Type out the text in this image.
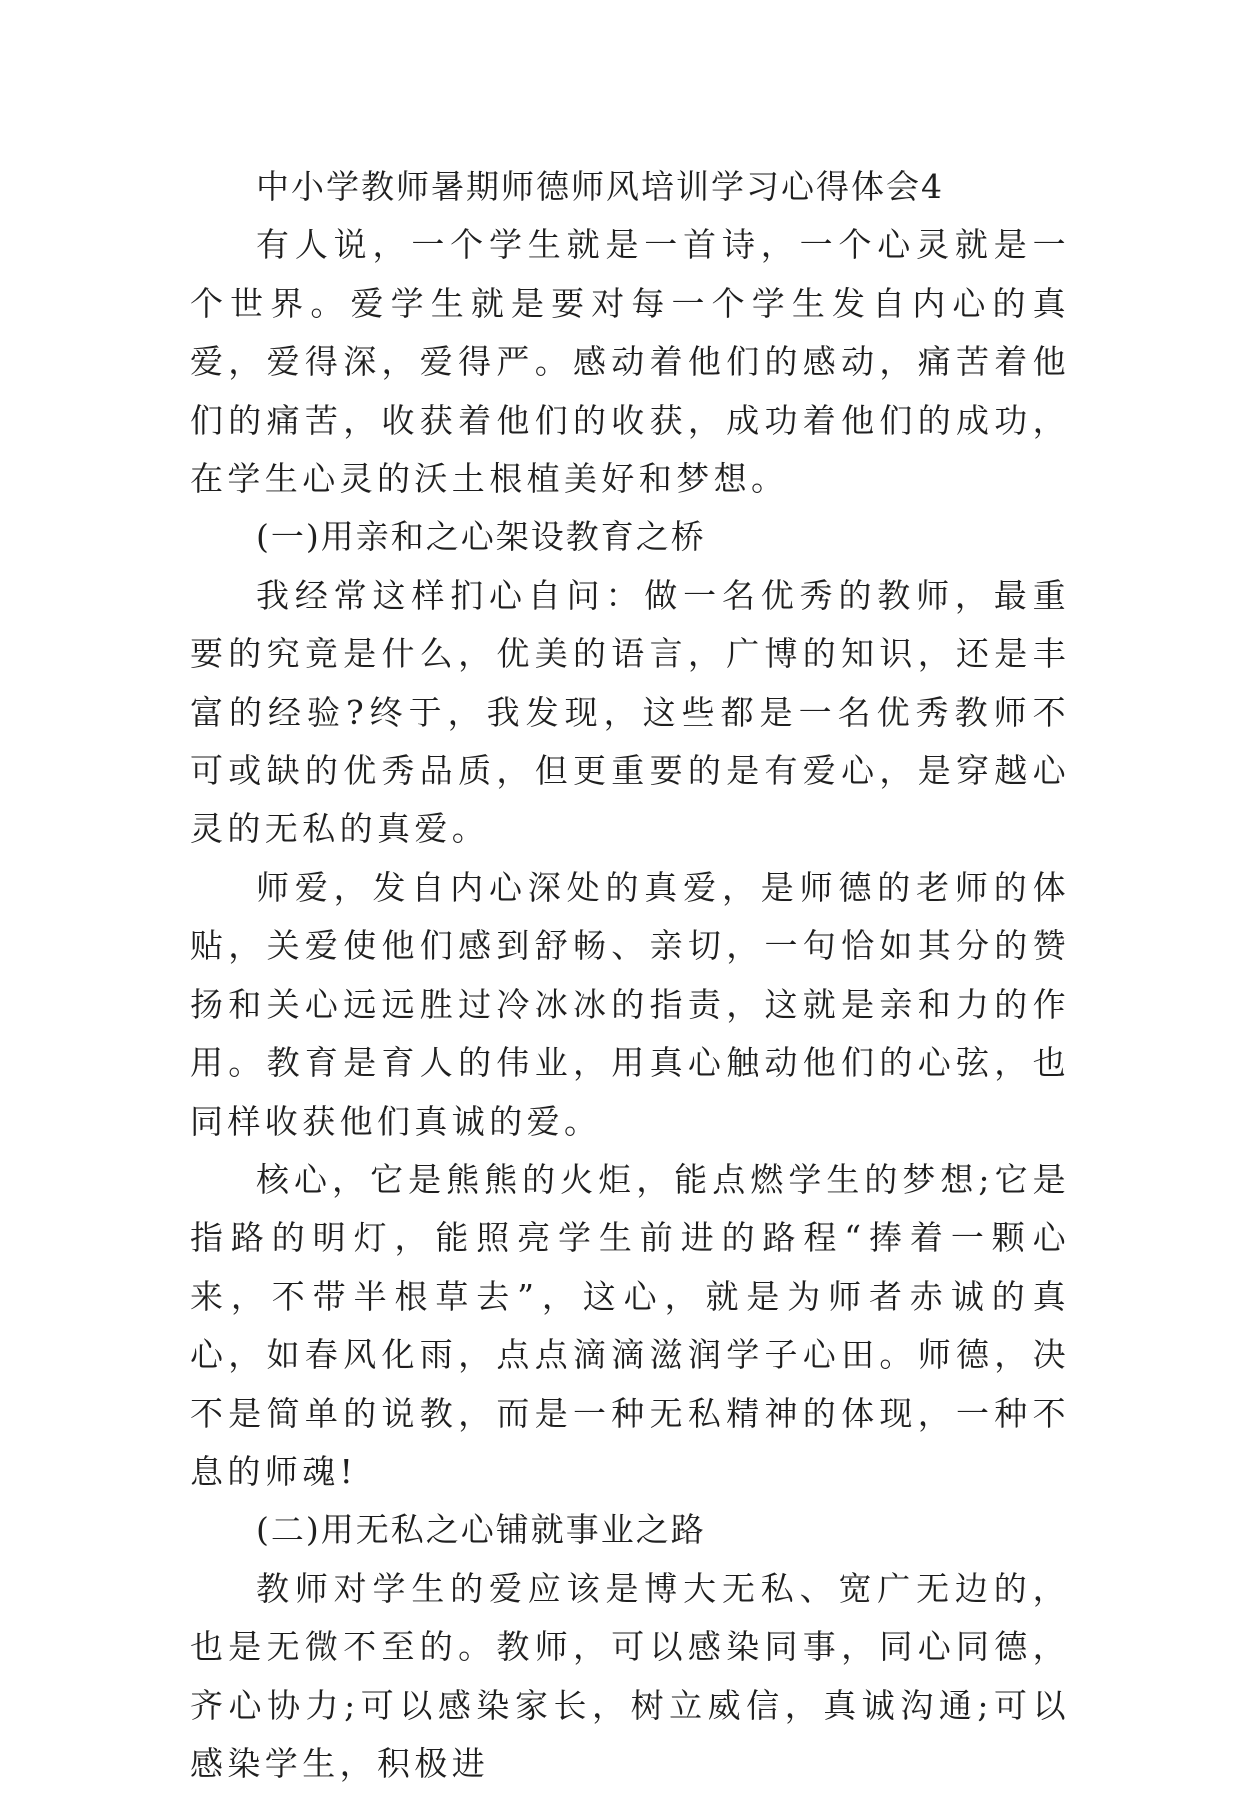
中小学教师暑期师德师风培训学习心得体会4

有人说，一个学生就是一首诗，一个心灵就是一个世界。爱学生就是要对每一个学生发自内心的真爱，爱得深，爱得严。感动着他们的感动，痛苦着他们的痛苦，收获着他们的收获，成功着他们的成功，在学生心灵的沃土根植美好和梦想。

(一)用亲和之心架设教育之桥

我经常这样扪心自问：做一名优秀的教师，最重要的究竟是什么，优美的语言，广博的知识，还是丰富的经验?终于，我发现，这些都是一名优秀教师不可或缺的优秀品质，但更重要的是有爱心，是穿越心灵的无私的真爱。

师爱，发自内心深处的真爱，是师德的老师的体贴，关爱使他们感到舒畅、亲切，一句恰如其分的赞扬和关心远远胜过冷冰冰的指责，这就是亲和力的作用。教育是育人的伟业，用真心触动他们的心弦，也同样收获他们真诚的爱。

核心，它是熊熊的火炬，能点燃学生的梦想;它是指路的明灯，能照亮学生前进的路程“捧着一颗心来，不带半根草去”，这心，就是为师者赤诚的真心，如春风化雨，点点滴滴滋润学子心田。师德，决不是简单的说教，而是一种无私精神的体现，一种不息的师魂!

(二)用无私之心铺就事业之路

教师对学生的爱应该是博大无私、宽广无边的，也是无微不至的。教师，可以感染同事，同心同德，齐心协力;可以感染家长，树立威信，真诚沟通;可以感染学生，积极进
